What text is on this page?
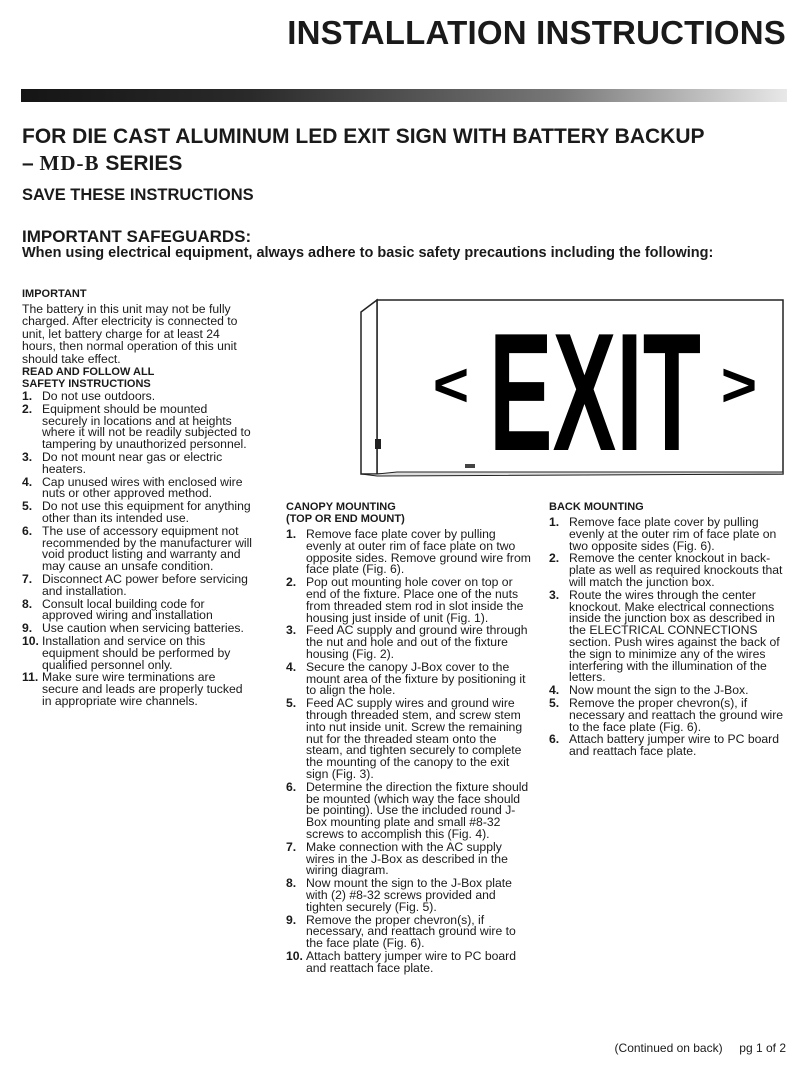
INSTALLATION INSTRUCTIONS
FOR DIE CAST ALUMINUM LED EXIT SIGN WITH BATTERY BACKUP
– MD-B SERIES
SAVE THESE INSTRUCTIONS
IMPORTANT SAFEGUARDS:
When using electrical equipment, always adhere to basic safety precautions including the following:
IMPORTANT
The battery in this unit may not be fully charged. After electricity is connected to unit, let battery charge for at least 24 hours, then normal operation of this unit should take effect.
READ AND FOLLOW ALL
SAFETY INSTRUCTIONS
1. Do not use outdoors.
2. Equipment should be mounted securely in locations and at heights where it will not be readily subjected to tampering by unauthorized personnel.
3. Do not mount near gas or electric heaters.
4. Cap unused wires with enclosed wire nuts or other approved method.
5. Do not use this equipment for anything other than its intended use.
6. The use of accessory equipment not recommended by the manufacturer will void product listing and warranty and may cause an unsafe condition.
7. Disconnect AC power before servicing and installation.
8. Consult local building code for approved wiring and installation
9. Use caution when servicing batteries.
10. Installation and service on this equipment should be performed by qualified personnel only.
11. Make sure wire terminations are secure and leads are properly tucked in appropriate wire channels.
EXIT
<	>
CANOPY MOUNTING
(TOP OR END MOUNT)
1. Remove face plate cover by pulling evenly at outer rim of face plate on two opposite sides. Remove ground wire from face plate (Fig. 6).
2. Pop out mounting hole cover on top or end of the fixture. Place one of the nuts from threaded stem rod in slot inside the housing just inside of unit (Fig. 1).
3. Feed AC supply and ground wire through the nut and hole and out of the fixture housing (Fig. 2).
4. Secure the canopy J-Box cover to the mount area of the fixture by positioning it to align the hole.
5. Feed AC supply wires and ground wire through threaded stem, and screw stem into nut inside unit. Screw the remaining nut for the threaded steam onto the steam, and tighten securely to complete the mounting of the canopy to the exit sign (Fig. 3).
6. Determine the direction the fixture should be mounted (which way the face should be pointing). Use the included round J-Box mounting plate and small #8-32 screws to accomplish this (Fig. 4).
7. Make connection with the AC supply wires in the J-Box as described in the wiring diagram.
8. Now mount the sign to the J-Box plate with (2) #8-32 screws provided and tighten securely (Fig. 5).
9. Remove the proper chevron(s), if necessary, and reattach ground wire to the face plate (Fig. 6).
10. Attach battery jumper wire to PC board and reattach face plate.
BACK MOUNTING
1. Remove face plate cover by pulling evenly at the outer rim of face plate on two opposite sides (Fig. 6).
2. Remove the center knockout in back-plate as well as required knockouts that will match the junction box.
3. Route the wires through the center knockout. Make electrical connections inside the junction box as described in the ELECTRICAL CONNECTIONS section. Push wires against the back of the sign to minimize any of the wires interfering with the illumination of the letters.
4. Now mount the sign to the J-Box.
5. Remove the proper chevron(s), if necessary and reattach the ground wire to the face plate (Fig. 6).
6. Attach battery jumper wire to PC board and reattach face plate.
(Continued on back) pg 1 of 2
